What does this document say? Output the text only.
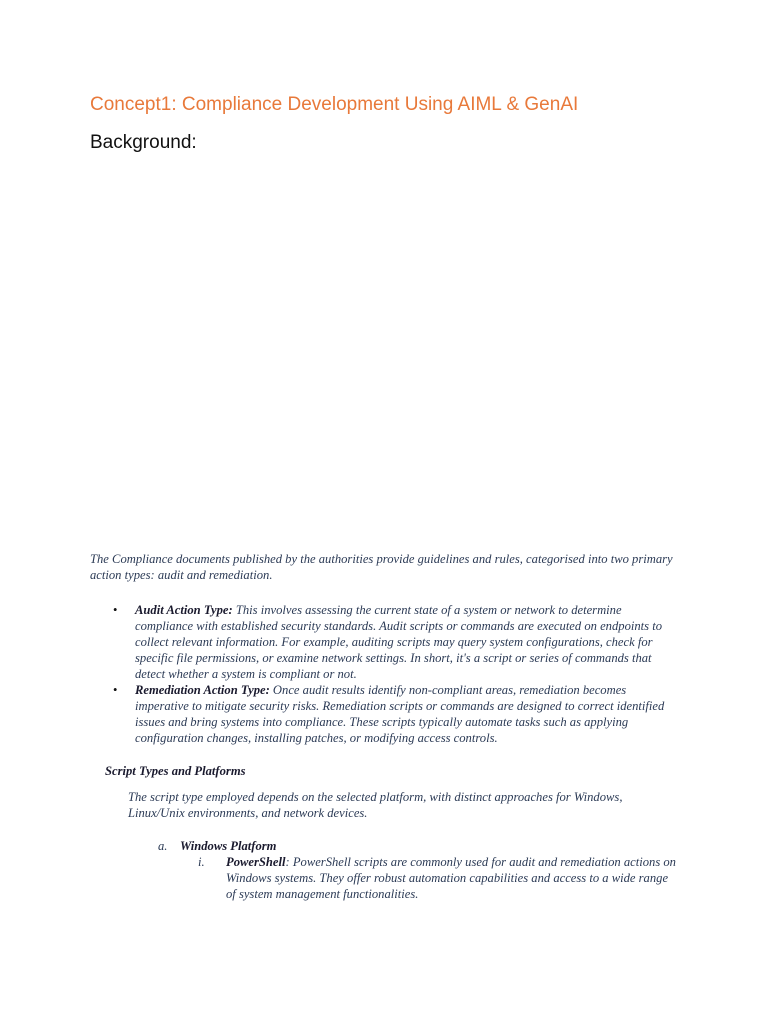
Concept1: Compliance Development Using AIML & GenAI
Background:

The Compliance documents published by the authorities provide guidelines and rules, categorised into two primary action types: audit and remediation.

• Audit Action Type: This involves assessing the current state of a system or network to determine compliance with established security standards. Audit scripts or commands are executed on endpoints to collect relevant information. For example, auditing scripts may query system configurations, check for specific file permissions, or examine network settings. In short, it's a script or series of commands that detect whether a system is compliant or not.
• Remediation Action Type: Once audit results identify non-compliant areas, remediation becomes imperative to mitigate security risks. Remediation scripts or commands are designed to correct identified issues and bring systems into compliance. These scripts typically automate tasks such as applying configuration changes, installing patches, or modifying access controls.
Script Types and Platforms

The script type employed depends on the selected platform, with distinct approaches for Windows, Linux/Unix environments, and network devices.

a. Windows Platform

i. PowerShell: PowerShell scripts are commonly used for audit and remediation actions on Windows systems. They offer robust automation capabilities and access to a wide range of system management functionalities.
